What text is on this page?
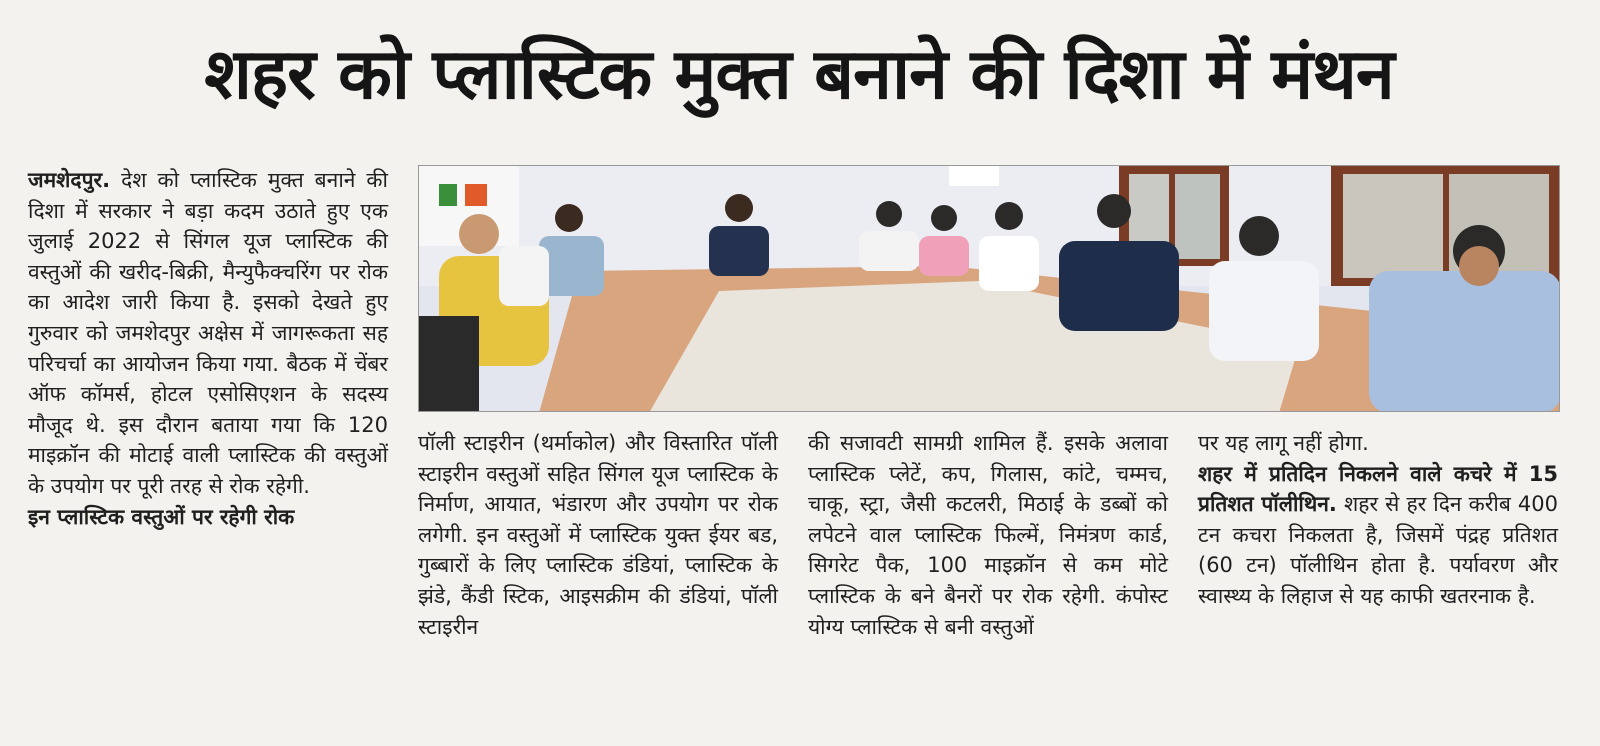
शहर को प्लास्टिक मुक्त बनाने की दिशा में मंथन

जमशेदपुर. देश को प्लास्टिक मुक्त बनाने की दिशा में सरकार ने बड़ा कदम उठाते हुए एक जुलाई 2022 से सिंगल यूज प्लास्टिक की वस्तुओं की खरीद-बिक्री, मैन्युफैक्चरिंग पर रोक का आदेश जारी किया है. इसको देखते हुए गुरुवार को जमशेदपुर अक्षेस में जागरूकता सह परिचर्चा का आयोजन किया गया. बैठक में चेंबर ऑफ कॉमर्स, होटल एसोसिएशन के सदस्य मौजूद थे. इस दौरान बताया गया कि 120 माइक्रॉन की मोटाई वाली प्लास्टिक की वस्तुओं के उपयोग पर पूरी तरह से रोक रहेगी.

इन प्लास्टिक वस्तुओं पर रहेगी रोक

पॉली स्टाइरीन (थर्माकोल) और विस्तारित पॉली स्टाइरीन वस्तुओं सहित सिंगल यूज प्लास्टिक के निर्माण, आयात, भंडारण और उपयोग पर रोक लगेगी. इन वस्तुओं में प्लास्टिक युक्त ईयर बड, गुब्बारों के लिए प्लास्टिक डंडियां, प्लास्टिक के झंडे, कैंडी स्टिक, आइसक्रीम की डंडियां, पॉली स्टाइरीन

की सजावटी सामग्री शामिल हैं. इसके अलावा प्लास्टिक प्लेटें, कप, गिलास, कांटे, चम्मच, चाकू, स्ट्रा, जैसी कटलरी, मिठाई के डब्बों को लपेटने वाल प्लास्टिक फिल्में, निमंत्रण कार्ड, सिगरेट पैक, 100 माइक्रॉन से कम मोटे प्लास्टिक के बने बैनरों पर रोक रहेगी. कंपोस्ट योग्य प्लास्टिक से बनी वस्तुओं

पर यह लागू नहीं होगा.

शहर में प्रतिदिन निकलने वाले कचरे में 15 प्रतिशत पॉलीथिन. शहर से हर दिन करीब 400 टन कचरा निकलता है, जिसमें पंद्रह प्रतिशत (60 टन) पॉलीथिन होता है. पर्यावरण और स्वास्थ्य के लिहाज से यह काफी खतरनाक है.
